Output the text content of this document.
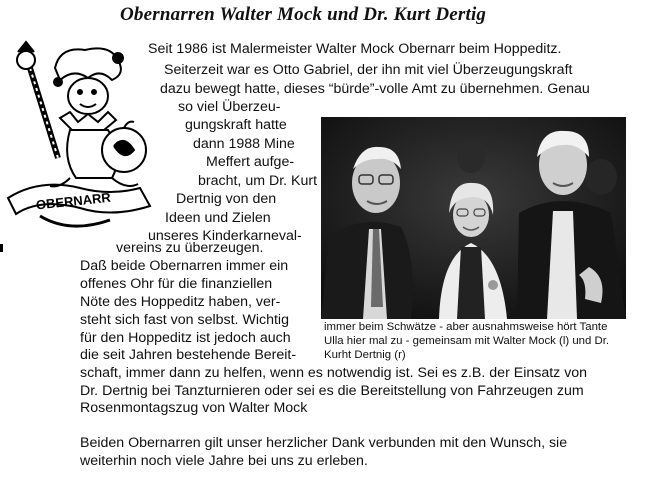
Obernarren Walter Mock und Dr. Kurt Dertig
OBERNARR
Seit 1986 ist Malermeister Walter Mock Obernarr beim Hoppeditz.
Seiterzeit war es Otto Gabriel, der ihn mit viel Überzeugungskraft
dazu bewegt hatte, dieses “bürde”-volle Amt zu übernehmen. Genau
so viel Überzeu-
gungskraft hatte
dann 1988 Mine
Meffert aufge-
bracht, um Dr. Kurt
Dertnig von den
Ideen und Zielen
unseres Kinderkarneval-
vereins zu überzeugen.
Daß beide Obernarren immer ein
offenes Ohr für die finanziellen
Nöte des Hoppeditz haben, ver-
steht sich fast von selbst. Wichtig
für den Hoppeditz ist jedoch auch
die seit Jahren bestehende Bereit-
schaft, immer dann zu helfen, wenn es notwendig ist. Sei es z.B. der Einsatz von
Dr. Dertnig bei Tanzturnieren oder sei es die Bereitstellung von Fahrzeugen zum
Rosenmontagszug von Walter Mock
Beiden Obernarren gilt unser herzlicher Dank verbunden mit den Wunsch, sie
weiterhin noch viele Jahre bei uns zu erleben.
immer beim Schwätze - aber ausnahmsweise hört Tante
Ulla hier mal zu - gemeinsam mit Walter Mock (l) und Dr.
Kurht Dertnig (r)
